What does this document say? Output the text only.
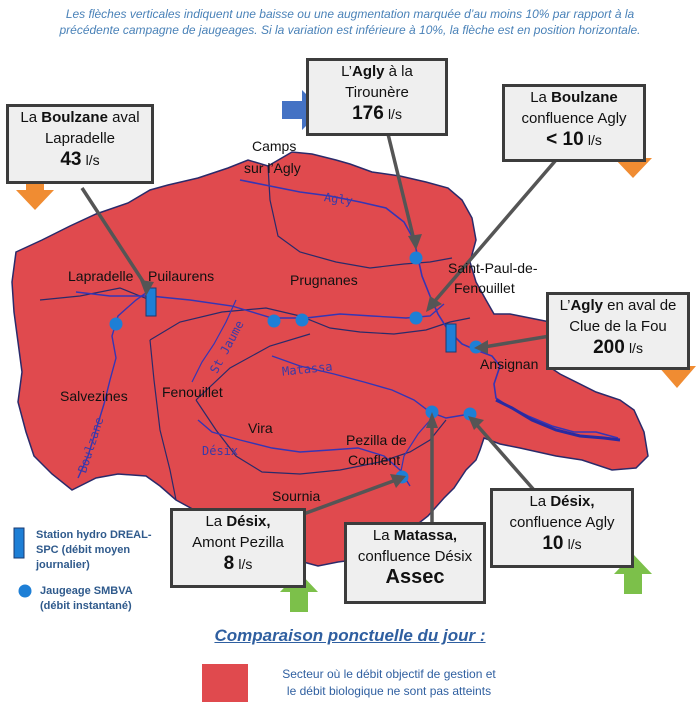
Les flèches verticales indiquent une baisse ou une augmentation marquée d’au moins 10% par rapport à la
précédente campagne de jaugeages. Si la variation est inférieure à 10%, la flèche est en position horizontale.
Camps
sur l’Agly
Lapradelle Puilaurens	Prugnanes
Saint-Paul-de-
Fenouillet
Salvezines Fenouillet
Vira
Pezilla de
Conflent
Ansignan
Sournia
Agly
St Jaume	Matassa
Désix
Boulzane
La Boulzane aval
Lapradelle
43 l/s
L’Agly à la
Tirounère
176 l/s
La Boulzane
confluence Agly
< 10 l/s
L’Agly en aval de
Clue de la Fou
200 l/s
La Désix,
confluence Agly
10 l/s
La Matassa,
confluence Désix
Assec
La Désix,
Amont Pezilla
8 l/s
Station hydro DREAL-
SPC (débit moyen
journalier)
Jaugeage SMBVA
(débit instantané)
Comparaison ponctuelle du jour :
Secteur où le débit objectif de gestion et
le débit biologique ne sont pas atteints
